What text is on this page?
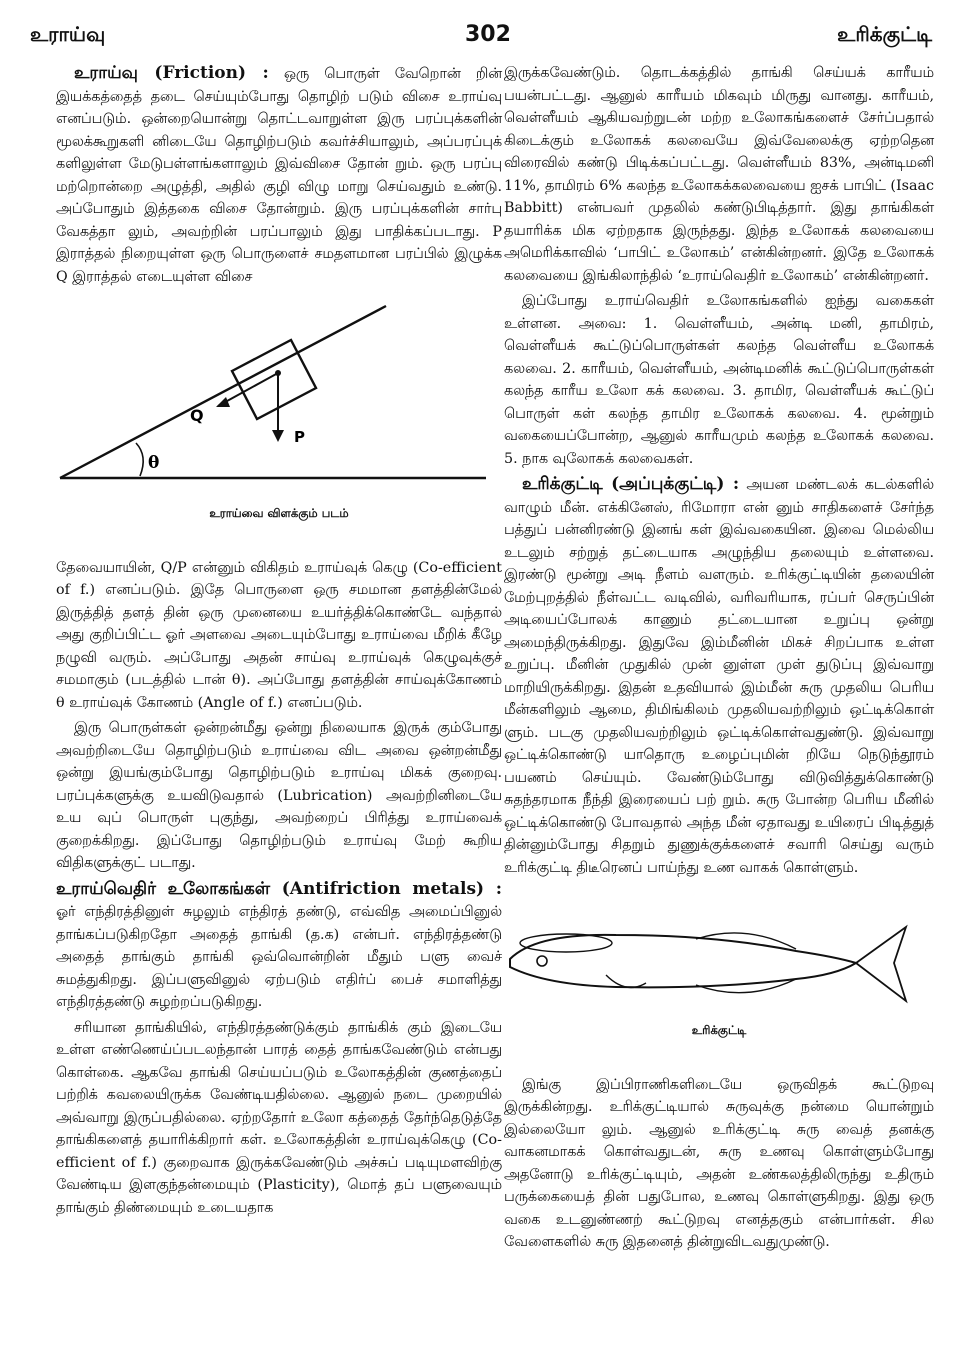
உராய்வு	302	உரிக்குட்டி

உராய்வு (Friction) : ஒரு பொருள் வேறொன் றின் இயக்கத்தைத் தடை செய்யும்போது தொழிற் படும் விசை உராய்வு எனப்படும். ஒன்றையொன்று தொட்டவாறுள்ள இரு பரப்புக்களின் மூலக்கூறுகளி னிடையே தொழிற்படும் கவர்ச்சியாலும், அப்பரப்புக் களிலுள்ள மேடுபள்ளங்களாலும் இவ்விசை தோன் றும். ஒரு பரப்பு மற்றொன்றை அழுத்தி, அதில் குழி விழு மாறு செய்வதும் உண்டு. அப்போதும் இத்தகை விசை தோன்றும். இரு பரப்புக்களின் சார்பு வேகத்தா லும், அவற்றின் பரப்பாலும் இது பாதிக்கப்படாது. P இராத்தல் நிறையுள்ள ஒரு பொருளைச் சமதளமான பரப்பில் இழுக்க Q இராத்தல் எடையுள்ள விசை

Q
P
θ
உராய்வை விளக்கும் படம்

தேவையாயின், Q/P என்னும் விகிதம் உராய்வுக் கெழு (Co-efficient of f.) எனப்படும். இதே பொருளை ஒரு சமமான தளத்தின்மேல் இருத்தித் தளத் தின் ஒரு முனையை உயர்த்திக்கொண்டே வந்தால் அது குறிப்பிட்ட ஓர் அளவை அடையும்போது உராய்வை மீறிக் கீழே நழுவி வரும். அப்போது அதன் சாய்வு உராய்வுக் கெழுவுக்குச் சமமாகும் (படத்தில் டான் θ). அப்போது தளத்தின் சாய்வுக்கோணம் θ உராய்வுக் கோணம் (Angle of f.) எனப்படும்.

இரு பொருள்கள் ஒன்றன்மீது ஒன்று நிலையாக இருக் கும்போது அவற்றிடையே தொழிற்படும் உராய்வை விட அவை ஒன்றன்மீது ஒன்று இயங்கும்போது தொழிற்படும் உராய்வு மிகக் குறைவு. பரப்புக்களுக்கு உயவிடுவதால் (Lubrication) அவற்றினிடையே உய வுப் பொருள் புகுந்து, அவற்றைப் பிரித்து உராய்வைக் குறைக்கிறது. இப்போது தொழிற்படும் உராய்வு மேற் கூறிய விதிகளுக்குட் படாது.

உராய்வெதிர் உலோகங்கள் (Antifriction metals) : ஓர் எந்திரத்தினுள் சுழலும் எந்திரத் தண்டு, எவ்வித அமைப்பினுல் தாங்கப்படுகிறதோ அதைத் தாங்கி (த.க) என்பர். எந்திரத்தண்டு அதைத் தாங்கும் தாங்கி ஒவ்வொன்றின் மீதும் பளு வைச் சுமத்துகிறது. இப்பளுவினுல் ஏற்படும் எதிர்ப் பைச் சமாளித்து எந்திரத்தண்டு சுழற்றப்படுகிறது.

சரியான தாங்கியில், எந்திரத்தண்டுக்கும் தாங்கிக் கும் இடையே உள்ள எண்ணெய்ப்படலந்தான் பாரத் தைத் தாங்கவேண்டும் என்பது கொள்கை. ஆகவே தாங்கி செய்யப்படும் உலோகத்தின் குணத்தைப் பற்றிக் கவலையிருக்க வேண்டியதில்லை. ஆனுல் நடை முறையில் அவ்வாறு இருப்பதில்லை. ஏற்றதோர் உலோ கத்தைத் தேர்ந்தெடுத்தே தாங்கிகளைத் தயாரிக்கிறார் கள். உலோகத்தின் உராய்வுக்கெழு (Co-efficient of f.) குறைவாக இருக்கவேண்டும் அச்சுப் படியுமளவிற்கு வேண்டிய இளகுந்தன்மையும் (Plasticity), மொத் தப் பளுவையும் தாங்கும் திண்மையும் உடையதாக

இருக்கவேண்டும். தொடக்கத்தில் தாங்கி செய்யக் காரீயம் பயன்பட்டது. ஆனுல் காரீயம் மிகவும் மிருது வானது. காரீயம், வெள்ளீயம் ஆகியவற்றுடன் மற்ற உலோகங்களைச் சேர்ப்பதால் கிடைக்கும் உலோகக் கலவையே இவ்வேலைக்கு ஏற்றதென விரைவில் கண்டு பிடிக்கப்பட்டது. வெள்ளீயம் 83%, அன்டிமனி 11%, தாமிரம் 6% கலந்த உலோகக்கலவையை ஐசக் பாபிட் (Isaac Babbitt) என்பவர் முதலில் கண்டுபிடித்தார். இது தாங்கிகள் தயாரிக்க மிக ஏற்றதாக இருந்தது. இந்த உலோகக் கலவையை அமெரிக்காவில் ‘பாபிட் உலோகம்’ என்கின்றனர். இதே உலோகக் கலவையை இங்கிலாந்தில் ‘உராய்வெதிர் உலோகம்’ என்கின்றனர்.

இப்போது உராய்வெதிர் உலோகங்களில் ஐந்து வகைகள் உள்ளன. அவை: 1. வெள்ளீயம், அன்டி மனி, தாமிரம், வெள்ளீயக் கூட்டுப்பொருள்கள் கலந்த வெள்ளீய உலோகக் கலவை. 2. காரீயம், வெள்ளீயம், அன்டிமனிக் கூட்டுப்பொருள்கள் கலந்த காரீய உலோ கக் கலவை. 3. தாமிர, வெள்ளீயக் கூட்டுப் பொருள் கள் கலந்த தாமிர உலோகக் கலவை. 4. மூன்றும் வகையைப்போன்ற, ஆனுல் காரீயமும் கலந்த உலோகக் கலவை. 5. நாக வுலோகக் கலவைகள்.

உரிக்குட்டி (அப்புக்குட்டி) : அயன மண்டலக் கடல்களில் வாழும் மீன். எக்கினேஸ், ரிமோரா என் னும் சாதிகளைச் சேர்ந்த பத்துப் பன்னிரண்டு இனங் கள் இவ்வகையின. இவை மெல்லிய உடலும் சற்றுத் தட்டையாக அழுந்திய தலையும் உள்ளவை. இரண்டு மூன்று அடி நீளம் வளரும். உரிக்குட்டியின் தலையின் மேற்புறத்தில் நீள்வட்ட வடிவில், வரிவரியாக, ரப்பர் செருப்பின் அடியைப்போலக் காணும் தட்டையான உறுப்பு ஒன்று அமைந்திருக்கிறது. இதுவே இம்மீனின் மிகச் சிறப்பாக உள்ள உறுப்பு. மீனின் முதுகில் முன் னுள்ள முள் துடுப்பு இவ்வாறு மாறியிருக்கிறது. இதன் உதவியால் இம்மீன் சுரு முதலிய பெரிய மீன்களிலும் ஆமை, திமிங்கிலம் முதலியவற்றிலும் ஒட்டிக்கொள் ளும். படகு முதலியவற்றிலும் ஒட்டிக்கொள்வதுண்டு. இவ்வாறு ஒட்டிக்கொண்டு யாதொரு உழைப்புமின் றியே நெடுந்தூரம் பயணம் செய்யும். வேண்டும்போது விடுவித்துக்கொண்டு சுதந்தரமாக நீந்தி இரையைப் பற் றும். சுரு போன்ற பெரிய மீனில் ஒட்டிக்கொண்டு போவதால் அந்த மீன் ஏதாவது உயிரைப் பிடித்துத் தின்னும்போது சிதறும் துணுக்குக்களைச் சவாரி செய்து வரும் உரிக்குட்டி திடீரெனப் பாய்ந்து உண வாகக் கொள்ளும்.

உரிக்குட்டி

இங்கு இப்பிராணிகளிடையே ஒருவிதக் கூட்டுறவு இருக்கின்றது. உரிக்குட்டியால் சுருவுக்கு நன்மை யொன்றும் இல்லையோ லும். ஆனுல் உரிக்குட்டி சுரு வைத் தனக்கு வாகனமாகக் கொள்வதுடன், சுரு உணவு கொள்ளும்போது அதனோடு உரிக்குட்டியும், அதன் உண்கலத்திலிருந்து உதிரும் பருக்கையைத் தின் பதுபோல, உணவு கொள்ளுகிறது. இது ஒரு வகை உடனுண்ணற் கூட்டுறவு எனத்தகும் என்பார்கள். சில வேளைகளில் சுரு இதனைத் தின்றுவிடவதுமுண்டு.
